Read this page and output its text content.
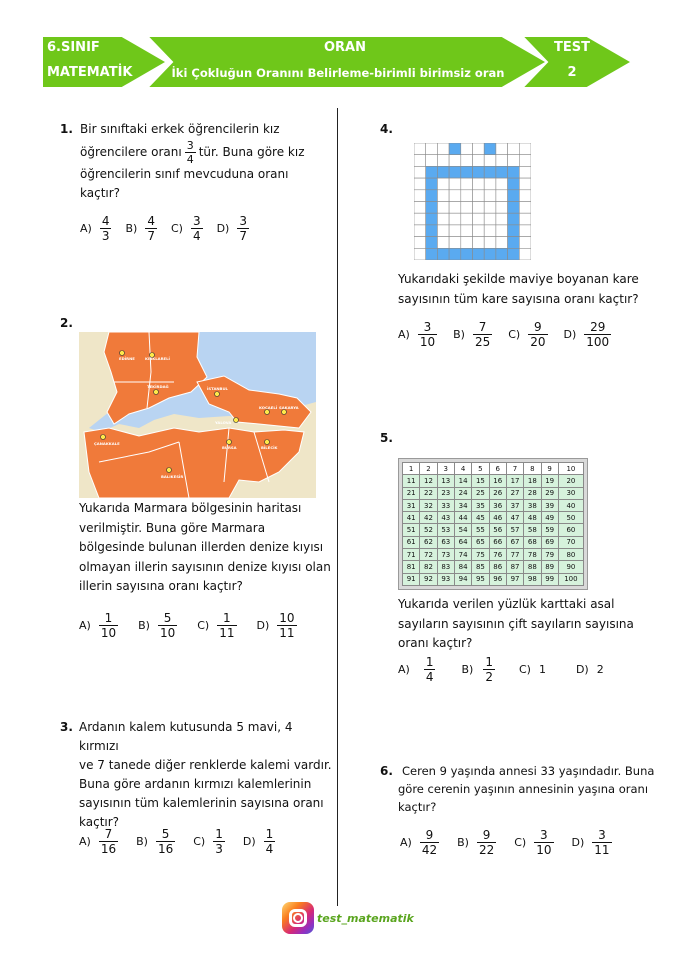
6.SINIF
MATEMATİK
ORAN
İki Çokluğun Oranını Belirleme-birimli birimsiz oran
TEST
2
1. Bir sınıftaki erkek öğrencilerin kız
öğrencilere oranı 3
4
tür. Buna göre kız
öğrencilerin sınıf mevcuduna oranı kaçtır?
$A) \frac{4}{3} B) \frac{4}{7} C) \frac{3}{4} D) \frac{3}{7}$
2.
EDİRNE	KIRKLARELİ
TEKİRDAĞ	İSTANBUL
KOCAELİ SAKARYA
YALOVA
BURSA	BİLECİK
ÇANAKKALE
BALIKESİR
Yukarıda Marmara bölgesinin haritası
verilmiştir. Buna göre Marmara
bölgesinde bulunan illerden denize kıyısı
olmayan illerin sayısının denize kıyısı olan
illerin sayısına oranı kaçtır?
$A) \frac{1}{10} B) \frac{5}{10} C) \frac{1}{11} D) \frac{10}{11}$
3. Ardanın kalem kutusunda 5 mavi, 4 kırmızı
ve 7 tanede diğer renklerde kalemi vardır.
Buna göre ardanın kırmızı kalemlerinin
sayısının tüm kalemlerinin sayısına oranı
kaçtır?
$A) \frac{7}{16} B) \frac{5}{16} C) \frac{1}{3} D) \frac{1}{4}$
4.
Yukarıdaki şekilde maviye boyanan kare
sayısının tüm kare sayısına oranı kaçtır?
$A) \frac{3}{10} B) \frac{7}{25} C) \frac{9}{20} D) \frac{29}{100}$
5.
1	2	3	4	5	6	7	8	9	10
11	12	13	14	15	16	17	18	19	20
21	22	23	24	25	26	27	28	29	30
31	32	33	34	35	36	37	38	39	40
41	42	43	44	45	46	47	48	49	50
51	52	53	54	55	56	57	58	59	60
61	62	63	64	65	66	67	68	69	70
71	72	73	74	75	76	77	78	79	80
81	82	83	84	85	86	87	88	89	90
91	92	93	94	95	96	97	98	99	100
Yukarıda verilen yüzlük karttaki asal
sayıların sayısının çift sayıların sayısına
oranı kaçtır?
$A) \frac{1}{4} B) \frac{1}{2} C$) 1	D) 2
6. Ceren 9 yaşında annesi 33 yaşındadır. Buna
göre cerenin yaşının annesinin yaşına oranı
kaçtır?
$A) \frac{9}{42} B) \frac{9}{22} C) \frac{3}{10} D) \frac{3}{11}$
test_matematik
